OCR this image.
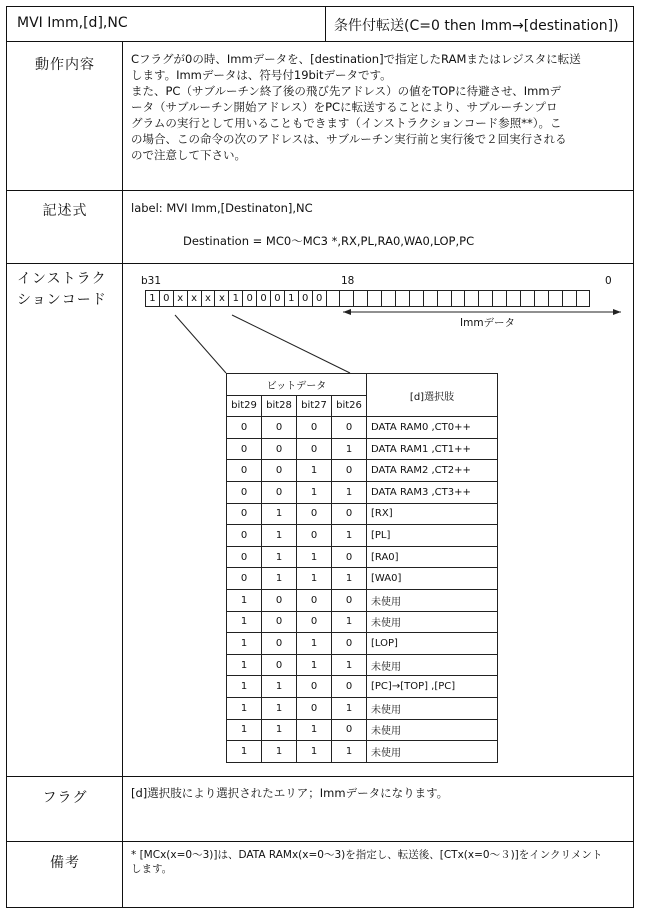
MVI Imm,[d],NC	条件付転送(C=0 then Imm→[destination])
動作内容	Cフラグが0の時、Immデータを、[destination]で指定したRAMまたはレジスタに転送
します。Immデータは、符号付19bitデータです。
また、PC（サブルーチン終了後の飛び先アドレス）の値をTOPに待避させ、Immデ
ータ（サブルーチン開始アドレス）をPCに転送することにより、サブルーチンプロ
グラムの実行として用いることもできます（インストラクションコード参照**）。こ
の場合、この命令の次のアドレスは、サブルーチン実行前と実行後で２回実行される
ので注意して下さい。
記述式	label: MVI Imm,[Destinaton],NC
Destination = MC0～MC3 *,RX,PL,RA0,WA0,LOP,PC
インストラク
ションコード
b31	18	0
1 0 x x x x 1 0 0 0 1 0 0
Immデータ
ビットデータ				[d]選択肢
bit29	bit28	bit27	bit26	
0	0	0	0	DATA RAM0 ,CT0++
0	0	0	1	DATA RAM1 ,CT1++
0	0	1	0	DATA RAM2 ,CT2++
0	0	1	1	DATA RAM3 ,CT3++
0	1	0	0	[RX]
0	1	0	1	[PL]
0	1	1	0	[RA0]
0	1	1	1	[WA0]
1	0	0	0	未使用
1	0	0	1	未使用
1	0	1	0	[LOP]
1	0	1	1	未使用
1	1	0	0	[PC]→[TOP] ,[PC]
1	1	0	1	未使用
1	1	1	0	未使用
1	1	1	1	未使用
フラグ	[d]選択肢により選択されたエリア；Immデータになります。
備考	* [MCx(x=0～3)]は、DATA RAMx(x=0～3)を指定し、転送後、[CTx(x=0～３)]をインクリメント
します。
